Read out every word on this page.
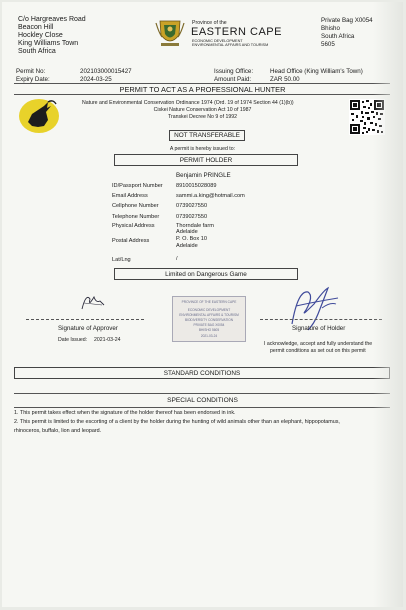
C/o Hargreaves Road
Beacon Hill
Hockley Close
King Williams Town
South Africa
Province of the
EASTERN CAPE
ECONOMIC DEVELOPMENT
ENVIRONMENTAL AFFAIRS AND TOURISM
Private Bag X0054
Bhisho
South Africa
5605
Permit No:	202103000015427
Expiry Date:	2024-03-25
Issuing Office:	Head Office (King William's Town)
Amount Paid:	ZAR 50.00
PERMIT TO ACT AS A PROFESSIONAL HUNTER
Nature and Environmental Conservation Ordinance 1974 (Ord. 19 of 1974 Section 44 (1)(b))
Ciskei Nature Conservation Act 10 of 1987
Transkei Decree No 9 of 1992
NOT TRANSFERABLE
A permit is hereby issued to:
PERMIT HOLDER
Benjamin PRINGLE
ID/Passport Number 8910015028089
Email Address	sammi.a.king@hotmail.com
Cellphone Number	0739027550
Telephone Number	0739027550
Physical Address	Thorndale farm
Adelaide
Postal Address	P. O. Box 10
Adelaide
Lat/Lng	/
Limited on Dangerous Game
Signature of Approver
Date Issued: 2021-03-24
PROVINCE OF THE EASTERN CAPE
ECONOMIC DEVELOPMENT
ENVIRONMENTAL AFFAIRS & TOURISM
BIODIVERSITY CONSERVATION
PRIVATE BAG X0054
BHISHO 5605
2021-03-24
Signature of Holder
I acknowledge, accept and fully understand the
permit conditions as set out on this permit
STANDARD CONDITIONS
SPECIAL CONDITIONS
1. This permit takes effect when the signature of the holder thereof has been endorsed in ink.
2. This permit is limited to the escorting of a client by the holder during the hunting of wild animals other than an elephant, hippopotamus,
rhinoceros, buffalo, lion and leopard.
